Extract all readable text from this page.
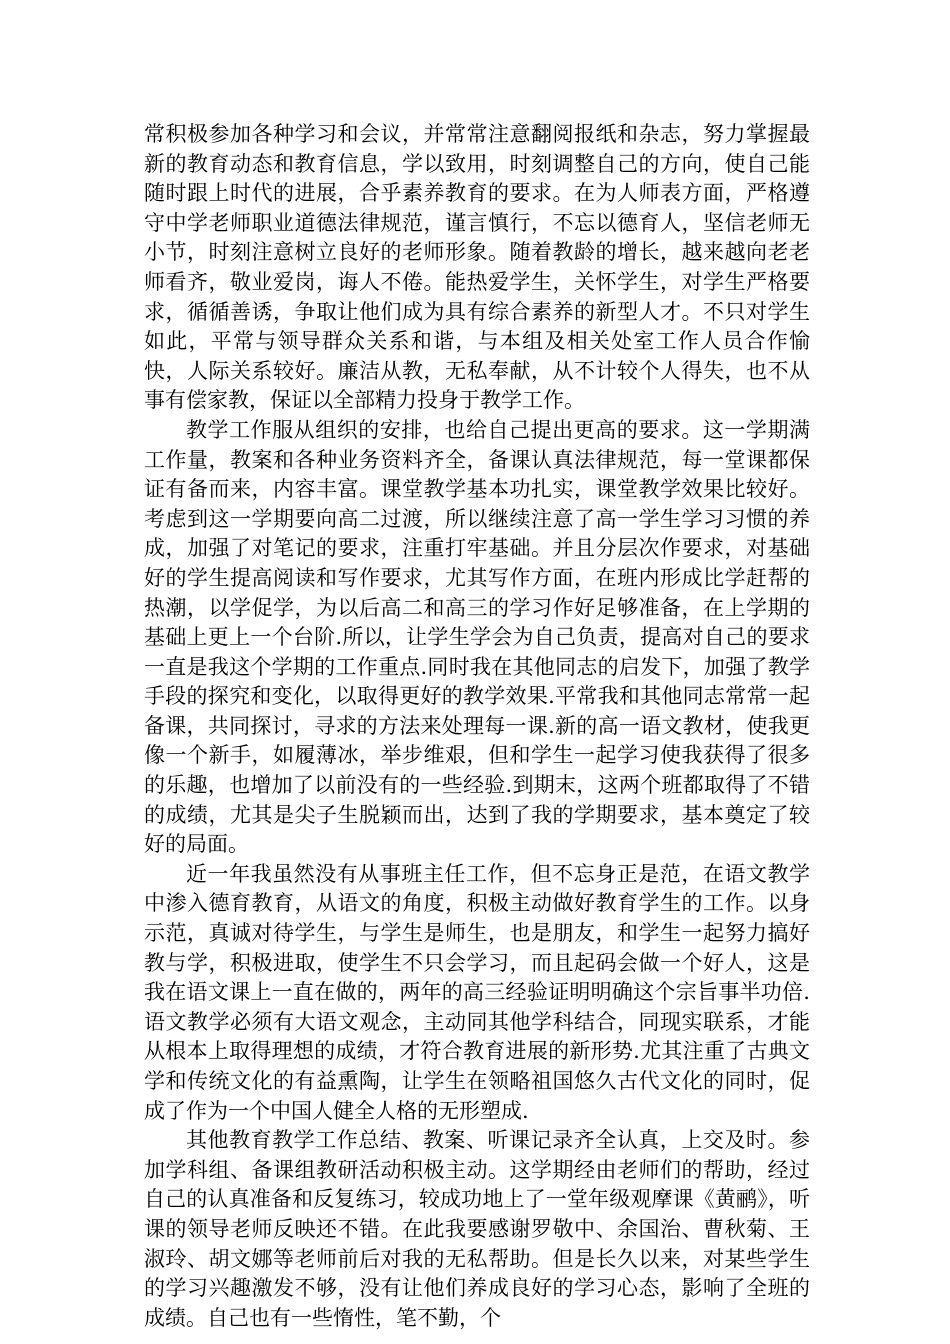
常积极参加各种学习和会议，并常常注意翻阅报纸和杂志，努力掌握最新的教育动态和教育信息，学以致用，时刻调整自己的方向，使自己能随时跟上时代的进展，合乎素养教育的要求。在为人师表方面，严格遵守中学老师职业道德法律规范，谨言慎行，不忘以德育人，坚信老师无小节，时刻注意树立良好的老师形象。随着教龄的增长，越来越向老老师看齐，敬业爱岗，诲人不倦。能热爱学生，关怀学生，对学生严格要求，循循善诱，争取让他们成为具有综合素养的新型人才。不只对学生如此，平常与领导群众关系和谐，与本组及相关处室工作人员合作愉快，人际关系较好。廉洁从教，无私奉献，从不计较个人得失，也不从事有偿家教，保证以全部精力投身于教学工作。

教学工作服从组织的安排，也给自己提出更高的要求。这一学期满工作量，教案和各种业务资料齐全，备课认真法律规范，每一堂课都保证有备而来，内容丰富。课堂教学基本功扎实，课堂教学效果比较好。考虑到这一学期要向高二过渡，所以继续注意了高一学生学习习惯的养成，加强了对笔记的要求，注重打牢基础。并且分层次作要求，对基础好的学生提高阅读和写作要求，尤其写作方面，在班内形成比学赶帮的热潮，以学促学，为以后高二和高三的学习作好足够准备，在上学期的基础上更上一个台阶.所以，让学生学会为自己负责，提高对自己的要求一直是我这个学期的工作重点.同时我在其他同志的启发下，加强了教学手段的探究和变化，以取得更好的教学效果.平常我和其他同志常常一起备课，共同探讨，寻求的方法来处理每一课.新的高一语文教材，使我更像一个新手，如履薄冰，举步维艰，但和学生一起学习使我获得了很多的乐趣，也增加了以前没有的一些经验.到期末，这两个班都取得了不错的成绩，尤其是尖子生脱颖而出，达到了我的学期要求，基本奠定了较好的局面。

近一年我虽然没有从事班主任工作，但不忘身正是范，在语文教学中渗入德育教育，从语文的角度，积极主动做好教育学生的工作。以身示范，真诚对待学生，与学生是师生，也是朋友，和学生一起努力搞好教与学，积极进取，使学生不只会学习，而且起码会做一个好人，这是我在语文课上一直在做的，两年的高三经验证明明确这个宗旨事半功倍.语文教学必须有大语文观念，主动同其他学科结合，同现实联系，才能从根本上取得理想的成绩，才符合教育进展的新形势.尤其注重了古典文学和传统文化的有益熏陶，让学生在领略祖国悠久古代文化的同时，促成了作为一个中国人健全人格的无形塑成.

其他教育教学工作总结、教案、听课记录齐全认真，上交及时。参加学科组、备课组教研活动积极主动。这学期经由老师们的帮助，经过自己的认真准备和反复练习，较成功地上了一堂年级观摩课《黄鹂》，听课的领导老师反映还不错。在此我要感谢罗敬中、余国治、曹秋菊、王淑玲、胡文娜等老师前后对我的无私帮助。但是长久以来，对某些学生的学习兴趣激发不够，没有让他们养成良好的学习心态，影响了全班的成绩。自己也有一些惰性，笔不勤，个
